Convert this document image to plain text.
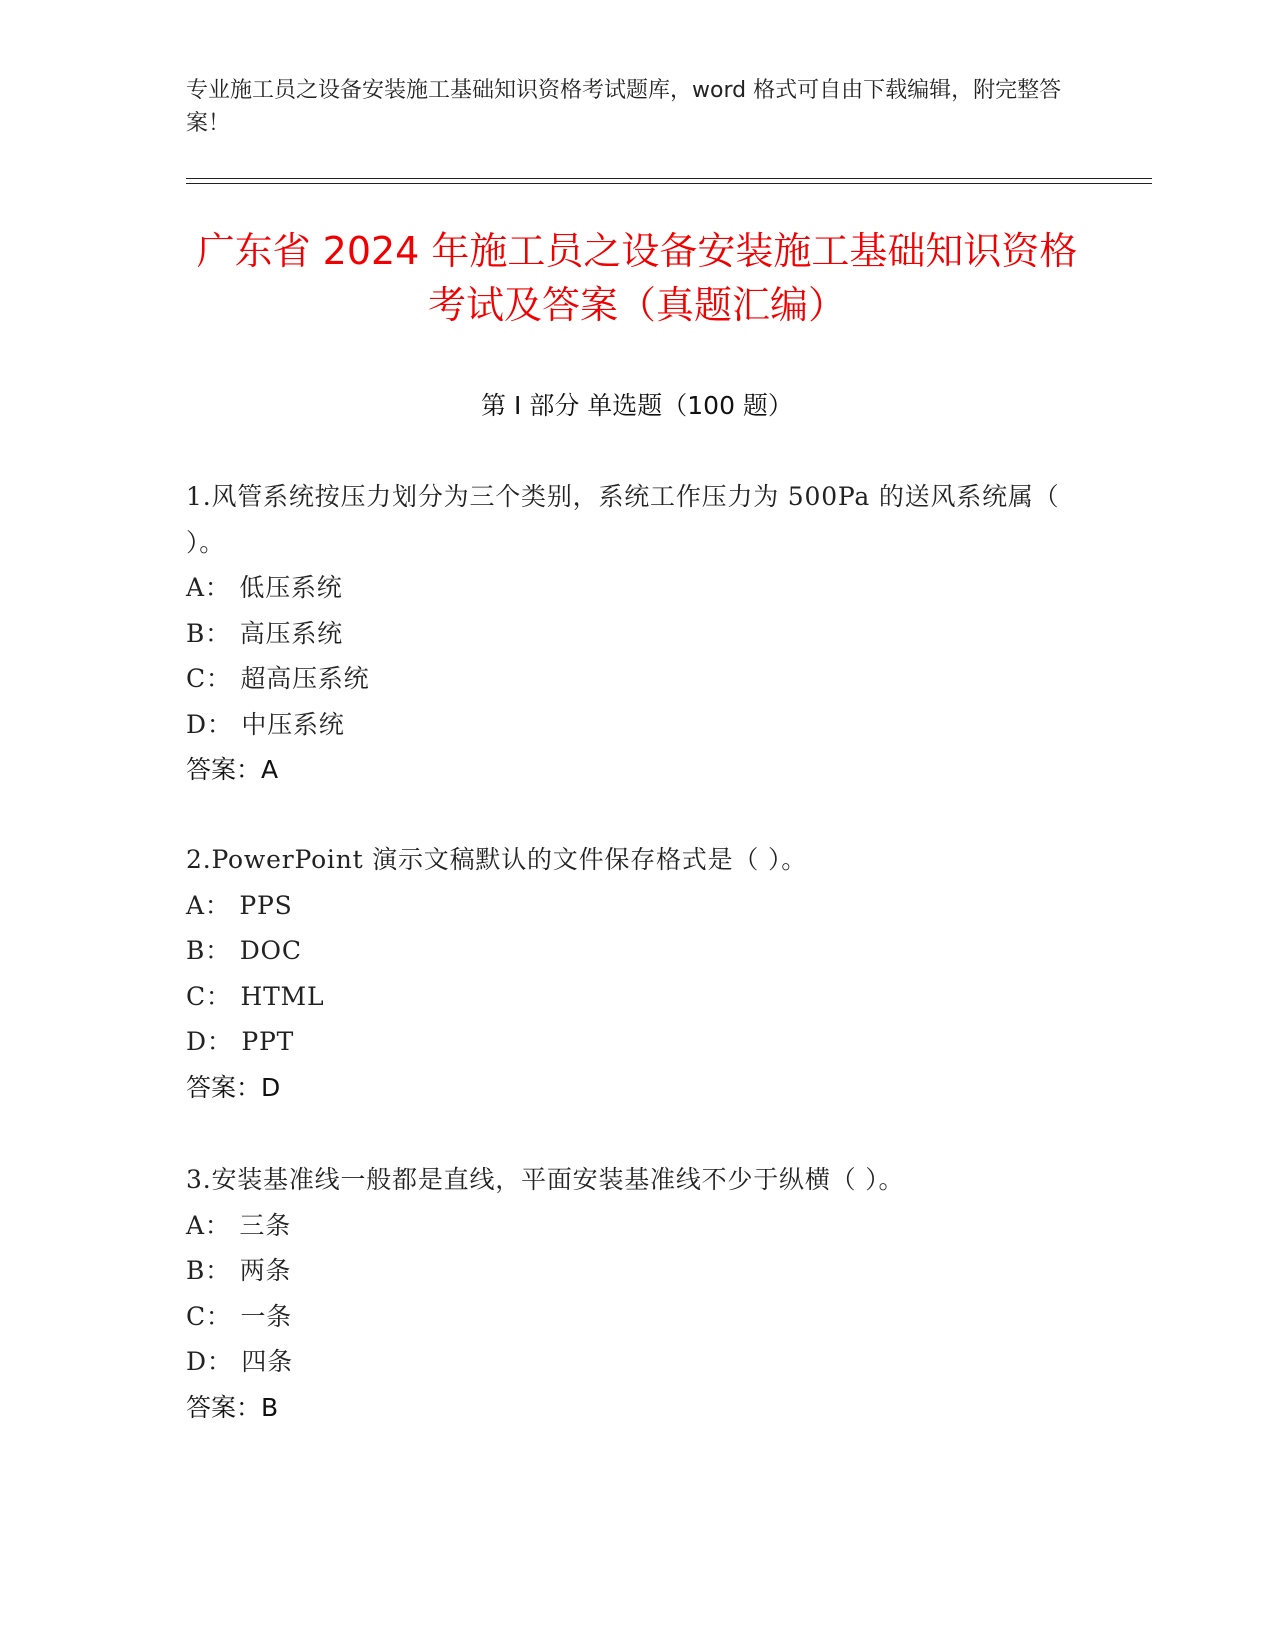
专业施工员之设备安装施工基础知识资格考试题库，word 格式可自由下载编辑，附完整答案！
广东省 2024 年施工员之设备安装施工基础知识资格考试及答案（真题汇编）
第 I 部分 单选题（100 题）
1.风管系统按压力划分为三个类别，系统工作压力为 500Pa 的送风系统属（ ）。
A： 低压系统
B： 高压系统
C： 超高压系统
D： 中压系统
答案：A
2.PowerPoint 演示文稿默认的文件保存格式是（ ）。
A： PPS
B： DOC
C： HTML
D： PPT
答案：D
3.安装基准线一般都是直线，平面安装基准线不少于纵横（ ）。
A： 三条
B： 两条
C： 一条
D： 四条
答案：B
